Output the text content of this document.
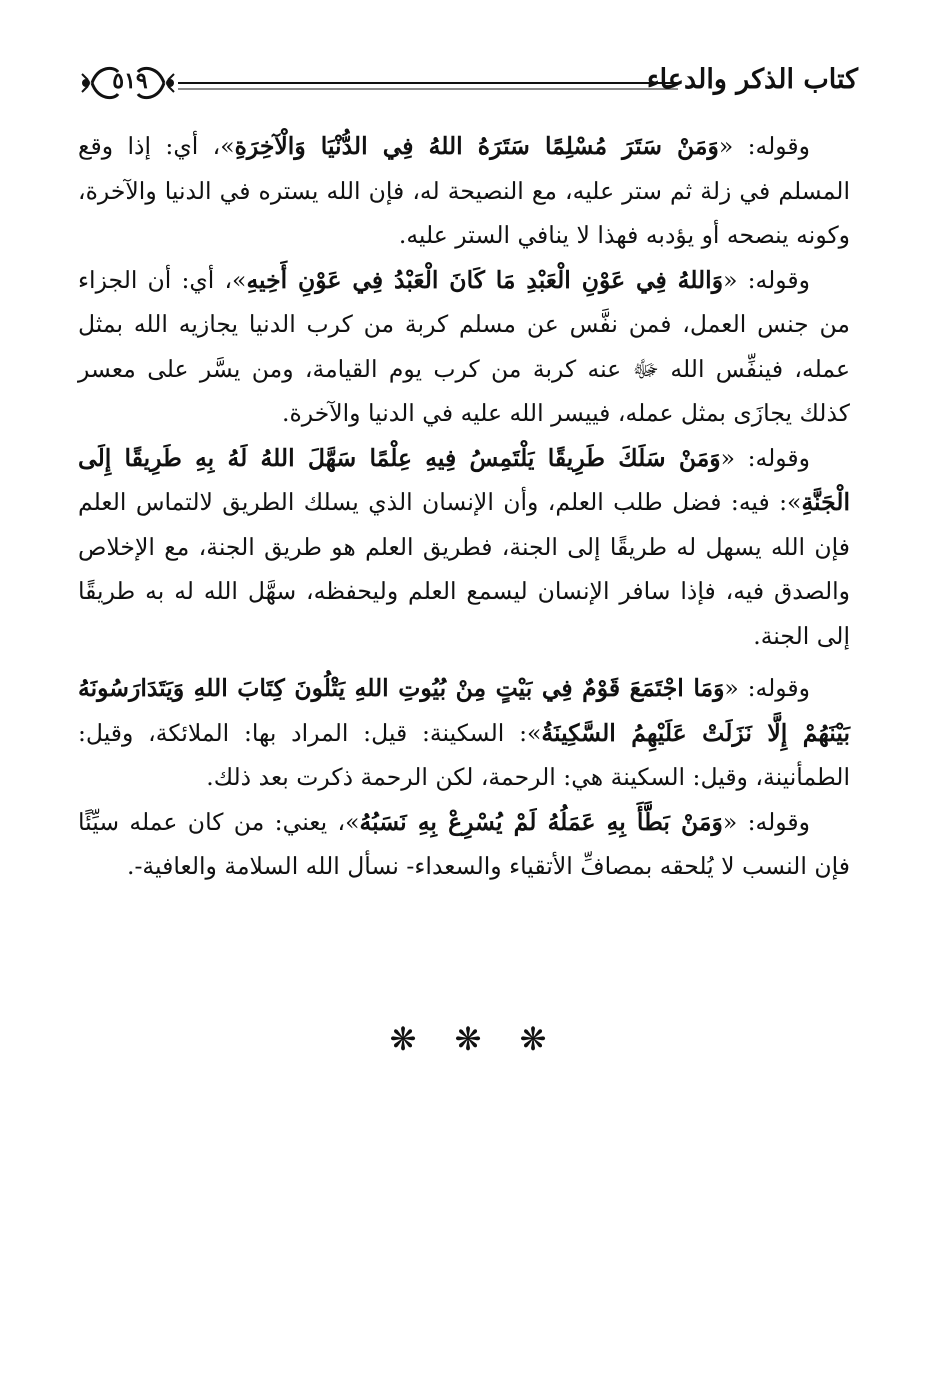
كتاب الذكر والدعاء
٥١٩

وقوله: «وَمَنْ سَتَرَ مُسْلِمًا سَتَرَهُ اللهُ فِي الدُّنْيَا وَالْآخِرَةِ»، أي: إذا وقع المسلم في زلة ثم ستر عليه، مع النصيحة له، فإن الله يستره في الدنيا والآخرة، وكونه ينصحه أو يؤدبه فهذا لا ينافي الستر عليه.

وقوله: «وَاللهُ فِي عَوْنِ الْعَبْدِ مَا كَانَ الْعَبْدُ فِي عَوْنِ أَخِيهِ»، أي: أن الجزاء من جنس العمل، فمن نفَّس عن مسلم كربة من كرب الدنيا يجازيه الله بمثل عمله، فينفِّس الله ﷻ عنه كربة من كرب يوم القيامة، ومن يسَّر على معسر كذلك يجازَى بمثل عمله، فييسر الله عليه في الدنيا والآخرة.

وقوله: «وَمَنْ سَلَكَ طَرِيقًا يَلْتَمِسُ فِيهِ عِلْمًا سَهَّلَ اللهُ لَهُ بِهِ طَرِيقًا إِلَى الْجَنَّةِ»: فيه: فضل طلب العلم، وأن الإنسان الذي يسلك الطريق لالتماس العلم فإن الله يسهل له طريقًا إلى الجنة، فطريق العلم هو طريق الجنة، مع الإخلاص والصدق فيه، فإذا سافر الإنسان ليسمع العلم وليحفظه، سهَّل الله له به طريقًا إلى الجنة.

وقوله: «وَمَا اجْتَمَعَ قَوْمٌ فِي بَيْتٍ مِنْ بُيُوتِ اللهِ يَتْلُونَ كِتَابَ اللهِ وَيَتَدَارَسُونَهُ بَيْنَهُمْ إِلَّا نَزَلَتْ عَلَيْهِمُ السَّكِينَةُ»: السكينة: قيل: المراد بها: الملائكة، وقيل: الطمأنينة، وقيل: السكينة هي: الرحمة، لكن الرحمة ذكرت بعد ذلك.

وقوله: «وَمَنْ بَطَّأَ بِهِ عَمَلُهُ لَمْ يُسْرِعْ بِهِ نَسَبُهُ»، يعني: من كان عمله سيِّئًا فإن النسب لا يُلحقه بمصافِّ الأتقياء والسعداء- نسأل الله السلامة والعافية-.

❋ ❋ ❋
